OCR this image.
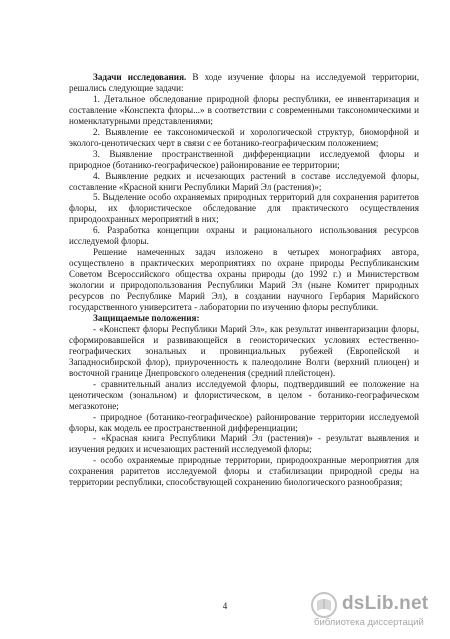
Задачи исследования. В ходе изучение флоры на исследуемой территории, решались следующие задачи:

1. Детальное обследование природной флоры республики, ее инвентаризация и составление «Конспекта флоры...» в соответствии с современными таксономическими и номенклатурными представлениями;

2. Выявление ее таксономической и хорологической структур, биоморфной и эколого-ценотических черт в связи с ее ботанико-географическим положением;

3. Выявление пространственной дифференциации исследуемой флоры и природное (ботанико-географическое) районирование ее территории;

4. Выявление редких и исчезающих растений в составе исследуемой флоры, составление «Красной книги Республики Марий Эл (растения)»;

5. Выделение особо охраняемых природных территорий для сохранения раритетов флоры, их флористическое обследование для практического осуществления природоохранных мероприятий в них;

6. Разработка концепции охраны и рационального использования ресурсов исследуемой флоры.

Решение намеченных задач изложено в четырех монографиях автора, осуществлено в практических мероприятиях по охране природы Республиканским Советом Всероссийского общества охраны природы (до 1992 г.) и Министерством экологии и природопользования Республики Марий Эл (ныне Комитет природных ресурсов по Республике Марий Эл), в создании научного Гербария Марийского государственного университета - лаборатории по изучению флоры республики.

Защищаемые положения:

- «Конспект флоры Республики Марий Эл», как результат инвентаризации флоры, сформировавшейся и развивающейся в геоисторических условиях естественно-географических зональных и провинциальных рубежей (Европейской и Западносибирской флор), приуроченность к палеодолине Волги (верхний плиоцен) и восточной границе Днепровского оледенения (средний плейстоцен).

- сравнительный анализ исследуемой флоры, подтвердивший ее положение на ценотическом (зональном) и флористическом, в целом - ботанико-географическом мегаэкотоне;

- природное (ботанико-географическое) районирование территории исследуемой флоры, как модель ее пространственной дифференциации;

- «Красная книга Республики Марий Эл (растения)» - результат выявления и изучения редких и исчезающих растений исследуемой флоры;

- особо охраняемые природные территории, природоохранные мероприятия для сохранения раритетов исследуемой флоры и стабилизации природной среды на территории республики, способствующей сохранению биологического разнообразия;

4	dsLib.net
библиотека диссертаций
